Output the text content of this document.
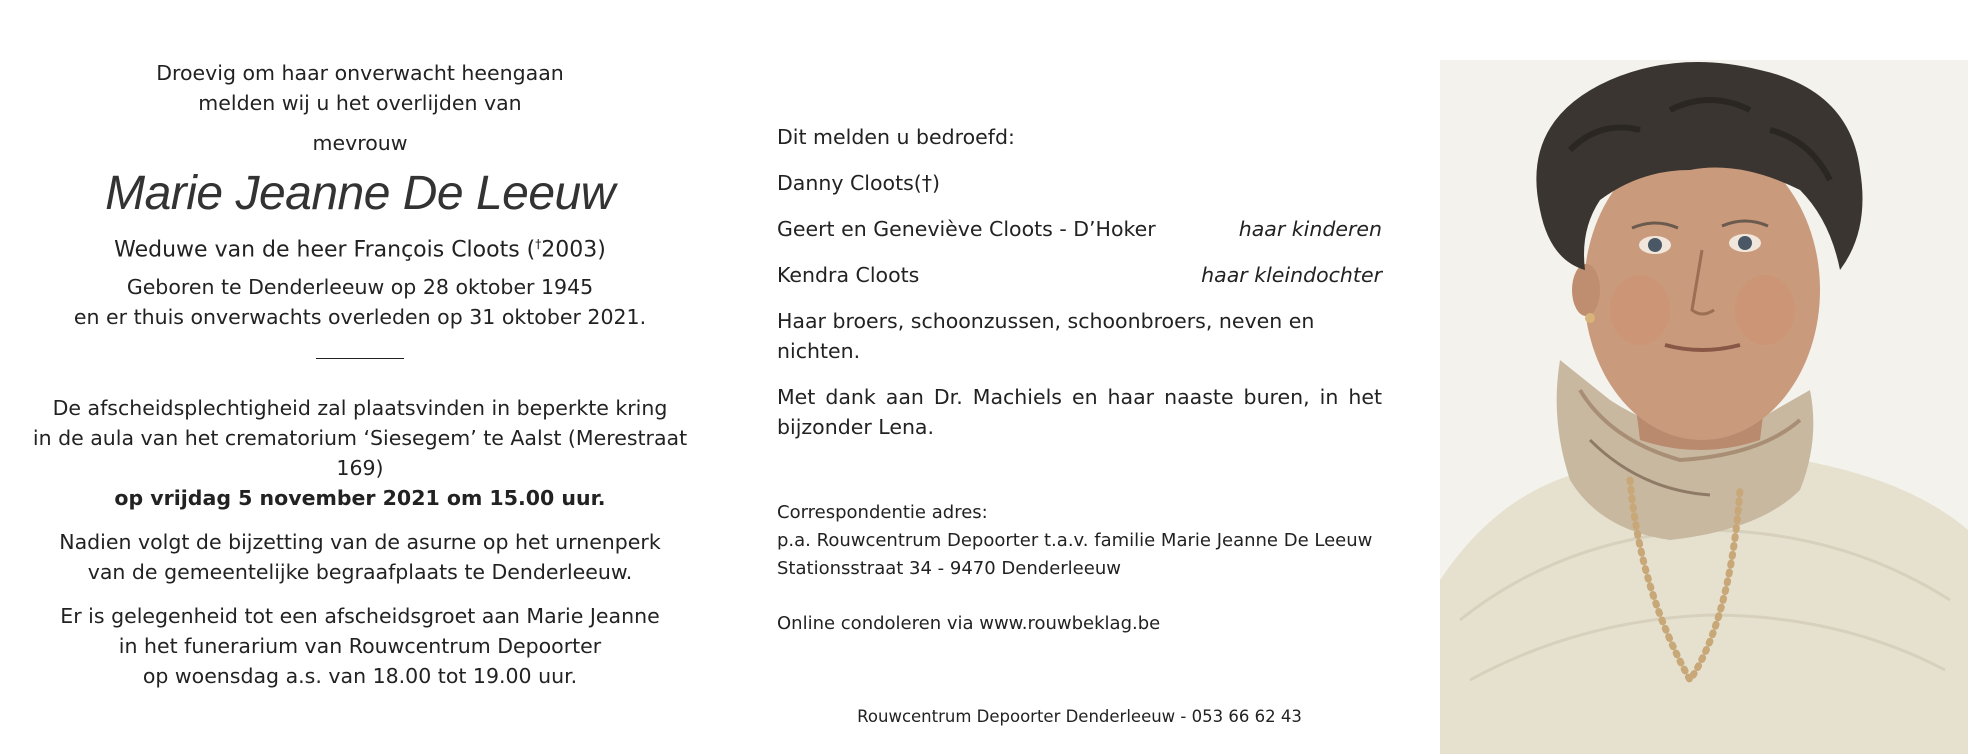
Droevig om haar onverwacht heengaan

melden wij u het overlijden van

mevrouw

Marie Jeanne De Leeuw

Weduwe van de heer François Cloots (†2003)

Geboren te Denderleeuw op 28 oktober 1945

en er thuis onverwachts overleden op 31 oktober 2021.

De afscheidsplechtigheid zal plaatsvinden in beperkte kring

in de aula van het crematorium ‘Siesegem’ te Aalst (Merestraat 169)

op vrijdag 5 november 2021 om 15.00 uur.

Nadien volgt de bijzetting van de asurne op het urnenperk

van de gemeentelijke begraafplaats te Denderleeuw.

Er is gelegenheid tot een afscheidsgroet aan Marie Jeanne

in het funerarium van Rouwcentrum Depoorter

op woensdag a.s. van 18.00 tot 19.00 uur.

Dit melden u bedroefd:
Danny Cloots(†)
Geert en Geneviève Cloots - D’Hoker	haar kinderen
Kendra Cloots	haar kleindochter
Haar broers, schoonzussen, schoonbroers, neven en nichten.

Met dank aan Dr. Machiels en haar naaste buren, in het bijzonder Lena.

Correspondentie adres:

p.a. Rouwcentrum Depoorter t.a.v. familie Marie Jeanne De Leeuw

Stationsstraat 34 - 9470 Denderleeuw

Online condoleren via www.rouwbeklag.be

Rouwcentrum Depoorter Denderleeuw - 053 66 62 43
